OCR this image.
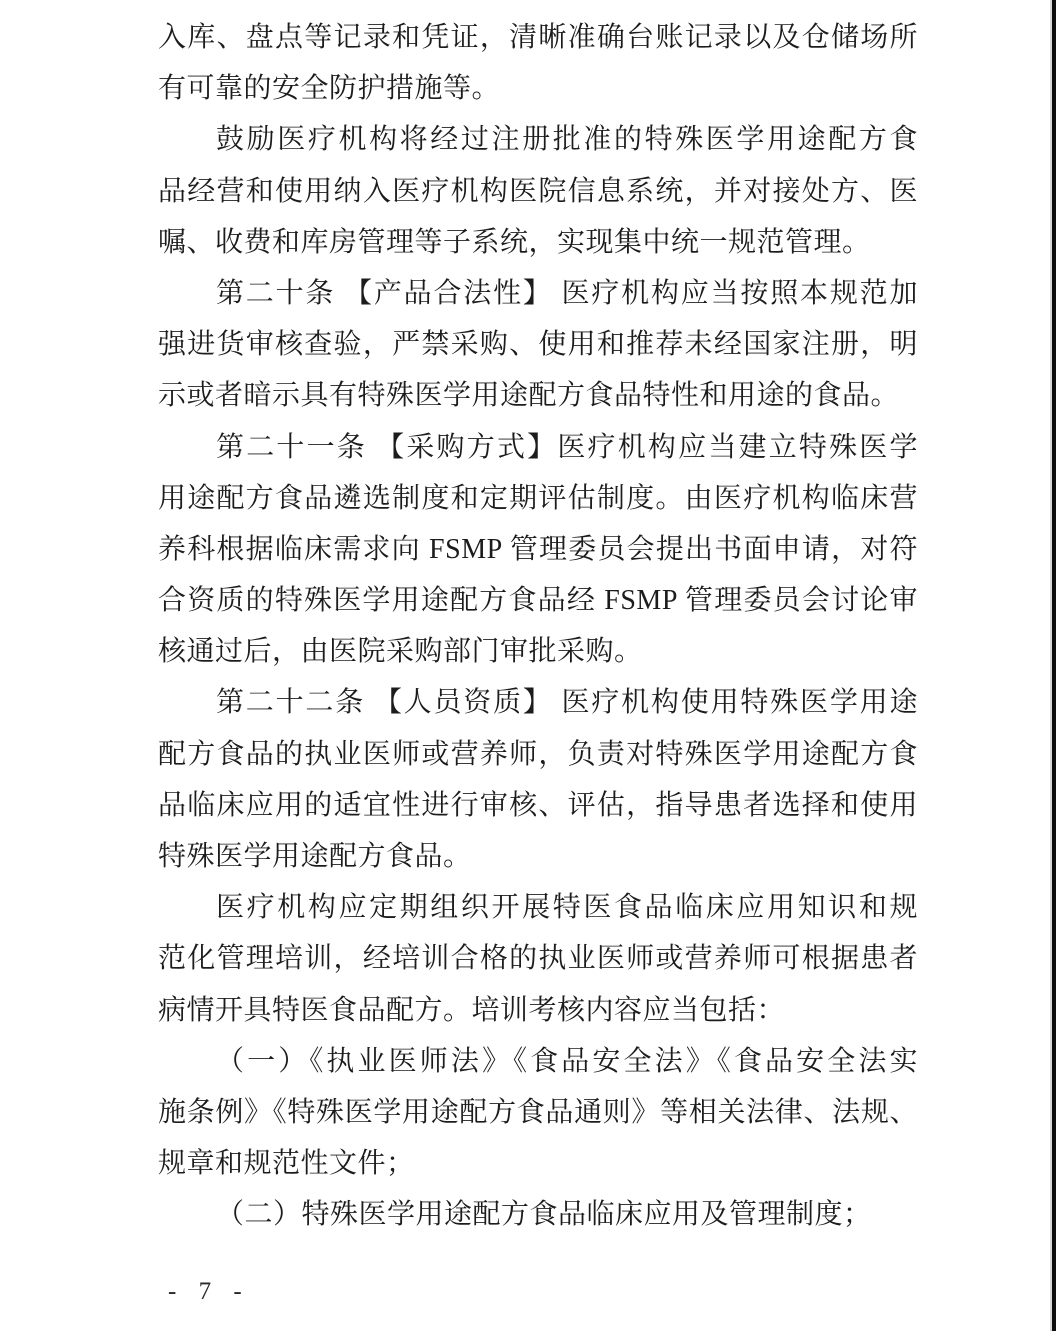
入库、盘点等记录和凭证，清晰准确台账记录以及仓储场所
有可靠的安全防护措施等。
鼓励医疗机构将经过注册批准的特殊医学用途配方食
品经营和使用纳入医疗机构医院信息系统，并对接处方、医
嘱、收费和库房管理等子系统，实现集中统一规范管理。
第二十条 【产品合法性】 医疗机构应当按照本规范加
强进货审核查验，严禁采购、使用和推荐未经国家注册，明
示或者暗示具有特殊医学用途配方食品特性和用途的食品。
第二十一条 【采购方式】医疗机构应当建立特殊医学
用途配方食品遴选制度和定期评估制度。由医疗机构临床营
养科根据临床需求向 FSMP 管理委员会提出书面申请，对符
合资质的特殊医学用途配方食品经 FSMP 管理委员会讨论审
核通过后，由医院采购部门审批采购。
第二十二条 【人员资质】 医疗机构使用特殊医学用途
配方食品的执业医师或营养师，负责对特殊医学用途配方食
品临床应用的适宜性进行审核、评估，指导患者选择和使用
特殊医学用途配方食品。
医疗机构应定期组织开展特医食品临床应用知识和规
范化管理培训，经培训合格的执业医师或营养师可根据患者
病情开具特医食品配方。培训考核内容应当包括：
（一）《执业医师法》《食品安全法》《食品安全法实
施条例》《特殊医学用途配方食品通则》等相关法律、法规、
规章和规范性文件；
（二）特殊医学用途配方食品临床应用及管理制度；
- 7 -
